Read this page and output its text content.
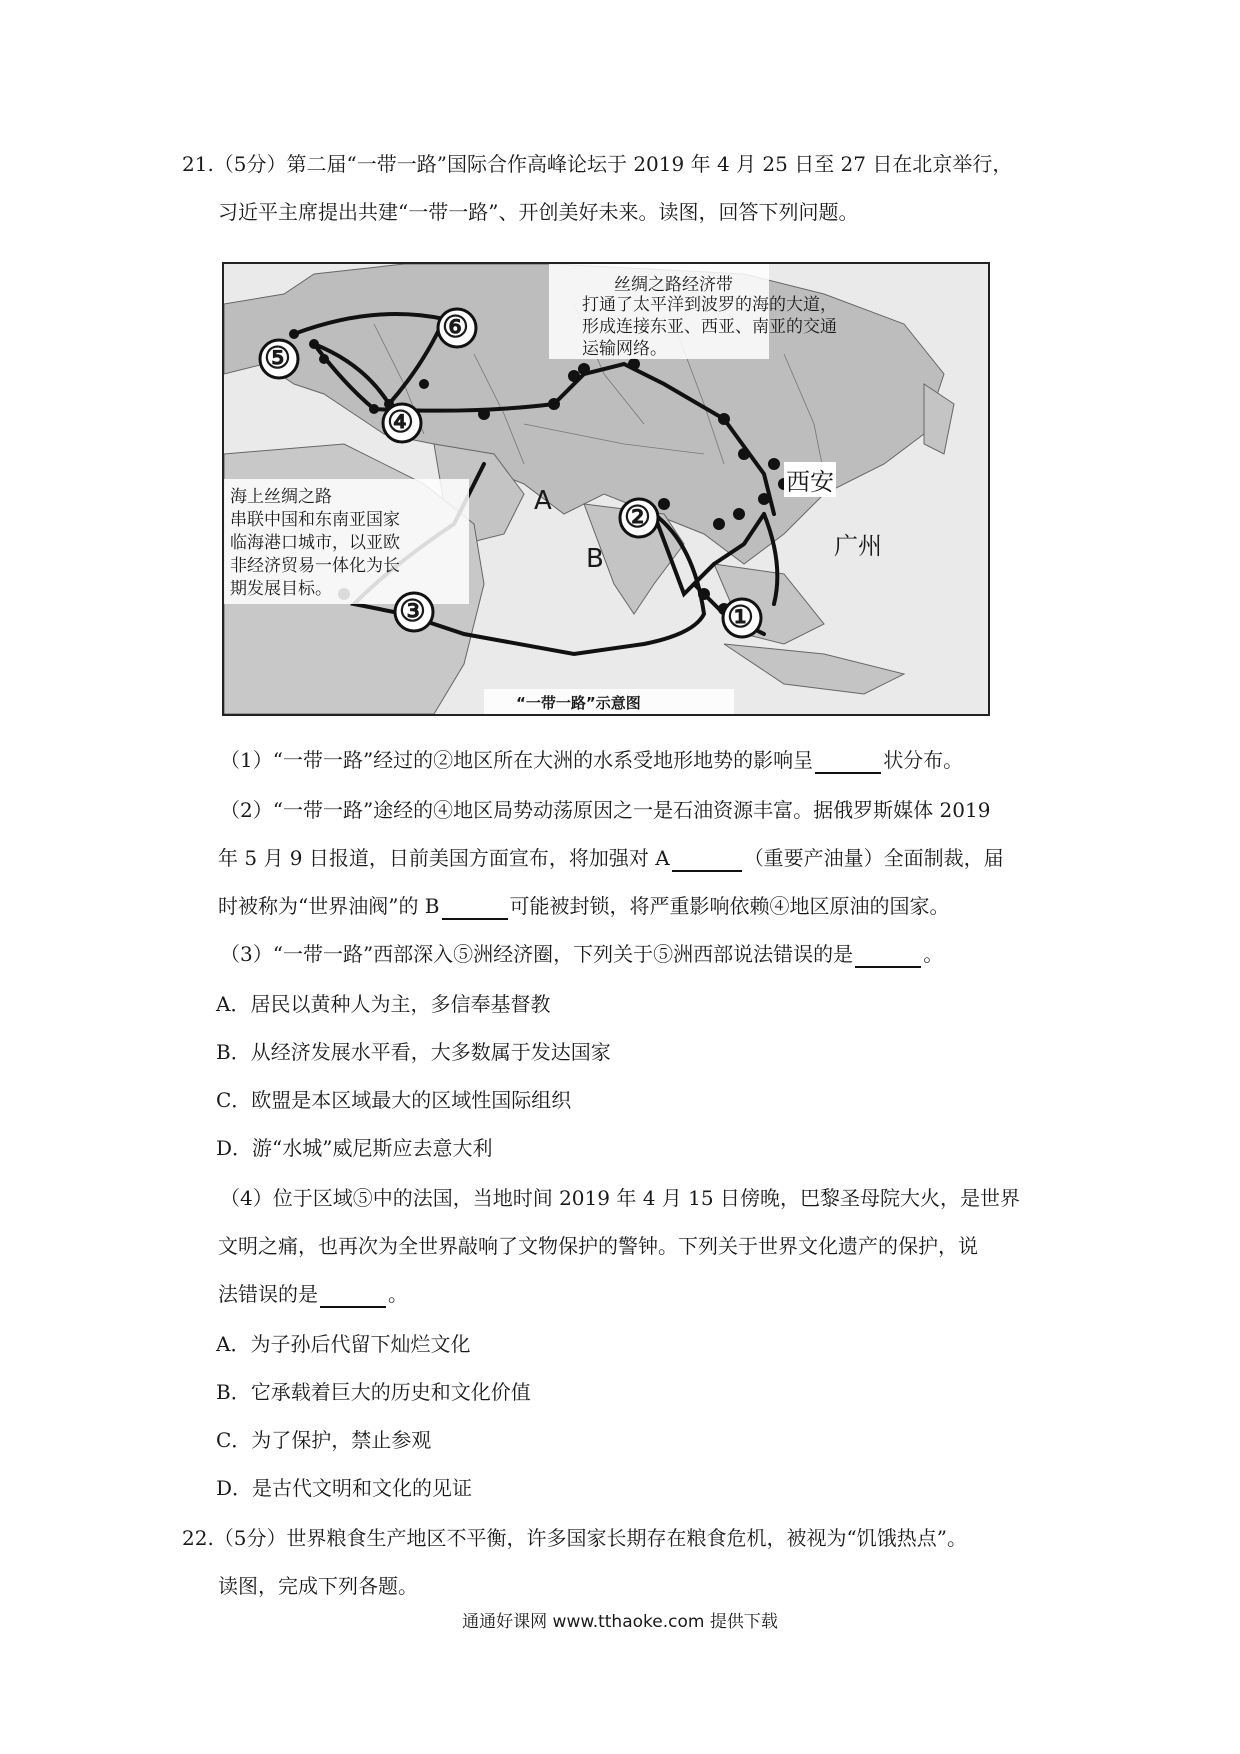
21.（5分）第二届“一带一路”国际合作高峰论坛于 2019 年 4 月 25 日至 27 日在北京举行，
习近平主席提出共建“一带一路”、开创美好未来。读图，回答下列问题。
丝绸之路经济带
打通了太平洋到波罗的海的大道，
形成连接东亚、西亚、南亚的交通
运输网络。
海上丝绸之路
串联中国和东南亚国家
临海港口城市，以亚欧
非经济贸易一体化为长
期发展目标。
西安
广州
A
B
“一带一路”示意图
①
②
③
④
⑤
⑥
（1）“一带一路”经过的②地区所在大洲的水系受地形地势的影响呈	状分布。
（2）“一带一路”途经的④地区局势动荡原因之一是石油资源丰富。据俄罗斯媒体 2019
年 5 月 9 日报道，日前美国方面宣布，将加强对 A	（重要产油量）全面制裁，届
时被称为“世界油阀”的 B	可能被封锁，将严重影响依赖④地区原油的国家。
（3）“一带一路”西部深入⑤洲经济圈，下列关于⑤洲西部说法错误的是	。
A．居民以黄种人为主，多信奉基督教
B．从经济发展水平看，大多数属于发达国家
C．欧盟是本区域最大的区域性国际组织
D．游“水城”威尼斯应去意大利
（4）位于区域⑤中的法国，当地时间 2019 年 4 月 15 日傍晚，巴黎圣母院大火，是世界
文明之痛，也再次为全世界敲响了文物保护的警钟。下列关于世界文化遗产的保护，说
法错误的是	。
A．为子孙后代留下灿烂文化
B．它承载着巨大的历史和文化价值
C．为了保护，禁止参观
D．是古代文明和文化的见证
22.（5分）世界粮食生产地区不平衡，许多国家长期存在粮食危机，被视为“饥饿热点”。
读图，完成下列各题。
通通好课网 www.tthaoke.com 提供下载
